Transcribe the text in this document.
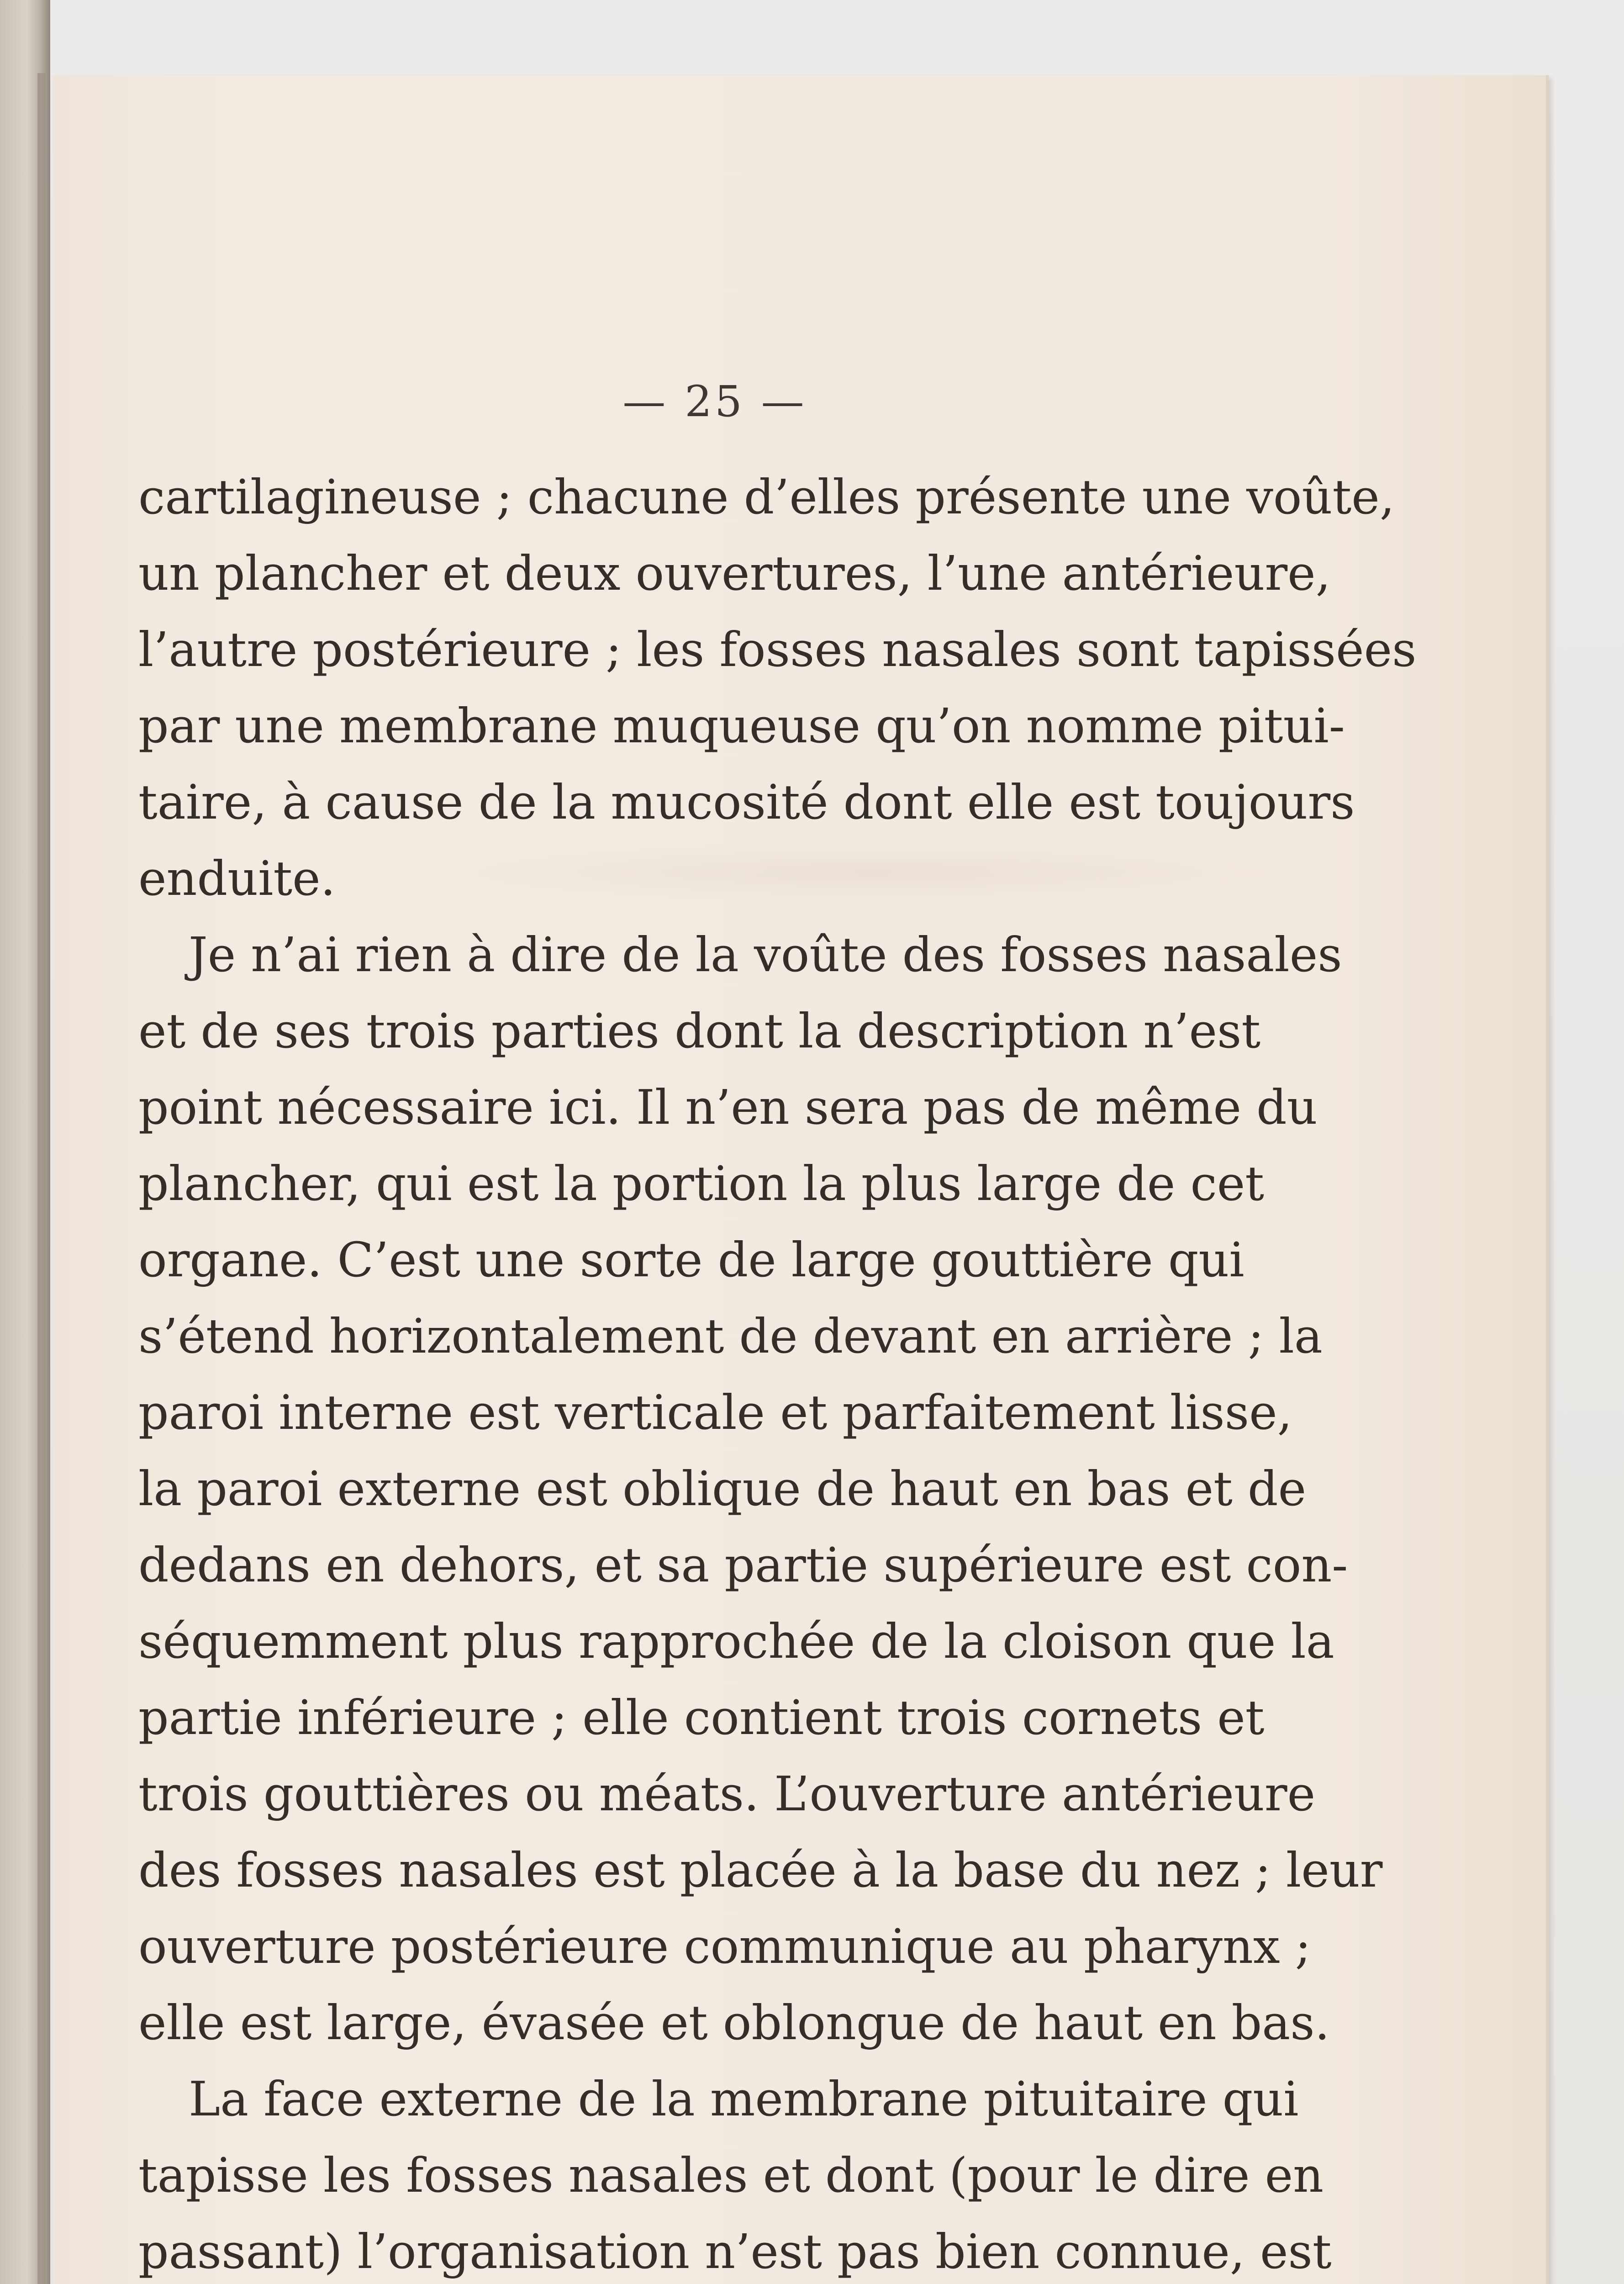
— 25 —
cartilagineuse ; chacune d’elles présente une voûte,
un plancher et deux ouvertures, l’une antérieure,
l’autre postérieure ; les fosses nasales sont tapissées
par une membrane muqueuse qu’on nomme pitui-
taire, à cause de la mucosité dont elle est toujours
enduite.
Je n’ai rien à dire de la voûte des fosses nasales
et de ses trois parties dont la description n’est
point nécessaire ici. Il n’en sera pas de même du
plancher, qui est la portion la plus large de cet
organe. C’est une sorte de large gouttière qui
s’étend horizontalement de devant en arrière ; la
paroi interne est verticale et parfaitement lisse,
la paroi externe est oblique de haut en bas et de
dedans en dehors, et sa partie supérieure est con-
séquemment plus rapprochée de la cloison que la
partie inférieure ; elle contient trois cornets et
trois gouttières ou méats. L’ouverture antérieure
des fosses nasales est placée à la base du nez ; leur
ouverture postérieure communique au pharynx ;
elle est large, évasée et oblongue de haut en bas.
La face externe de la membrane pituitaire qui
tapisse les fosses nasales et dont (pour le dire en
passant) l’organisation n’est pas bien connue, est
